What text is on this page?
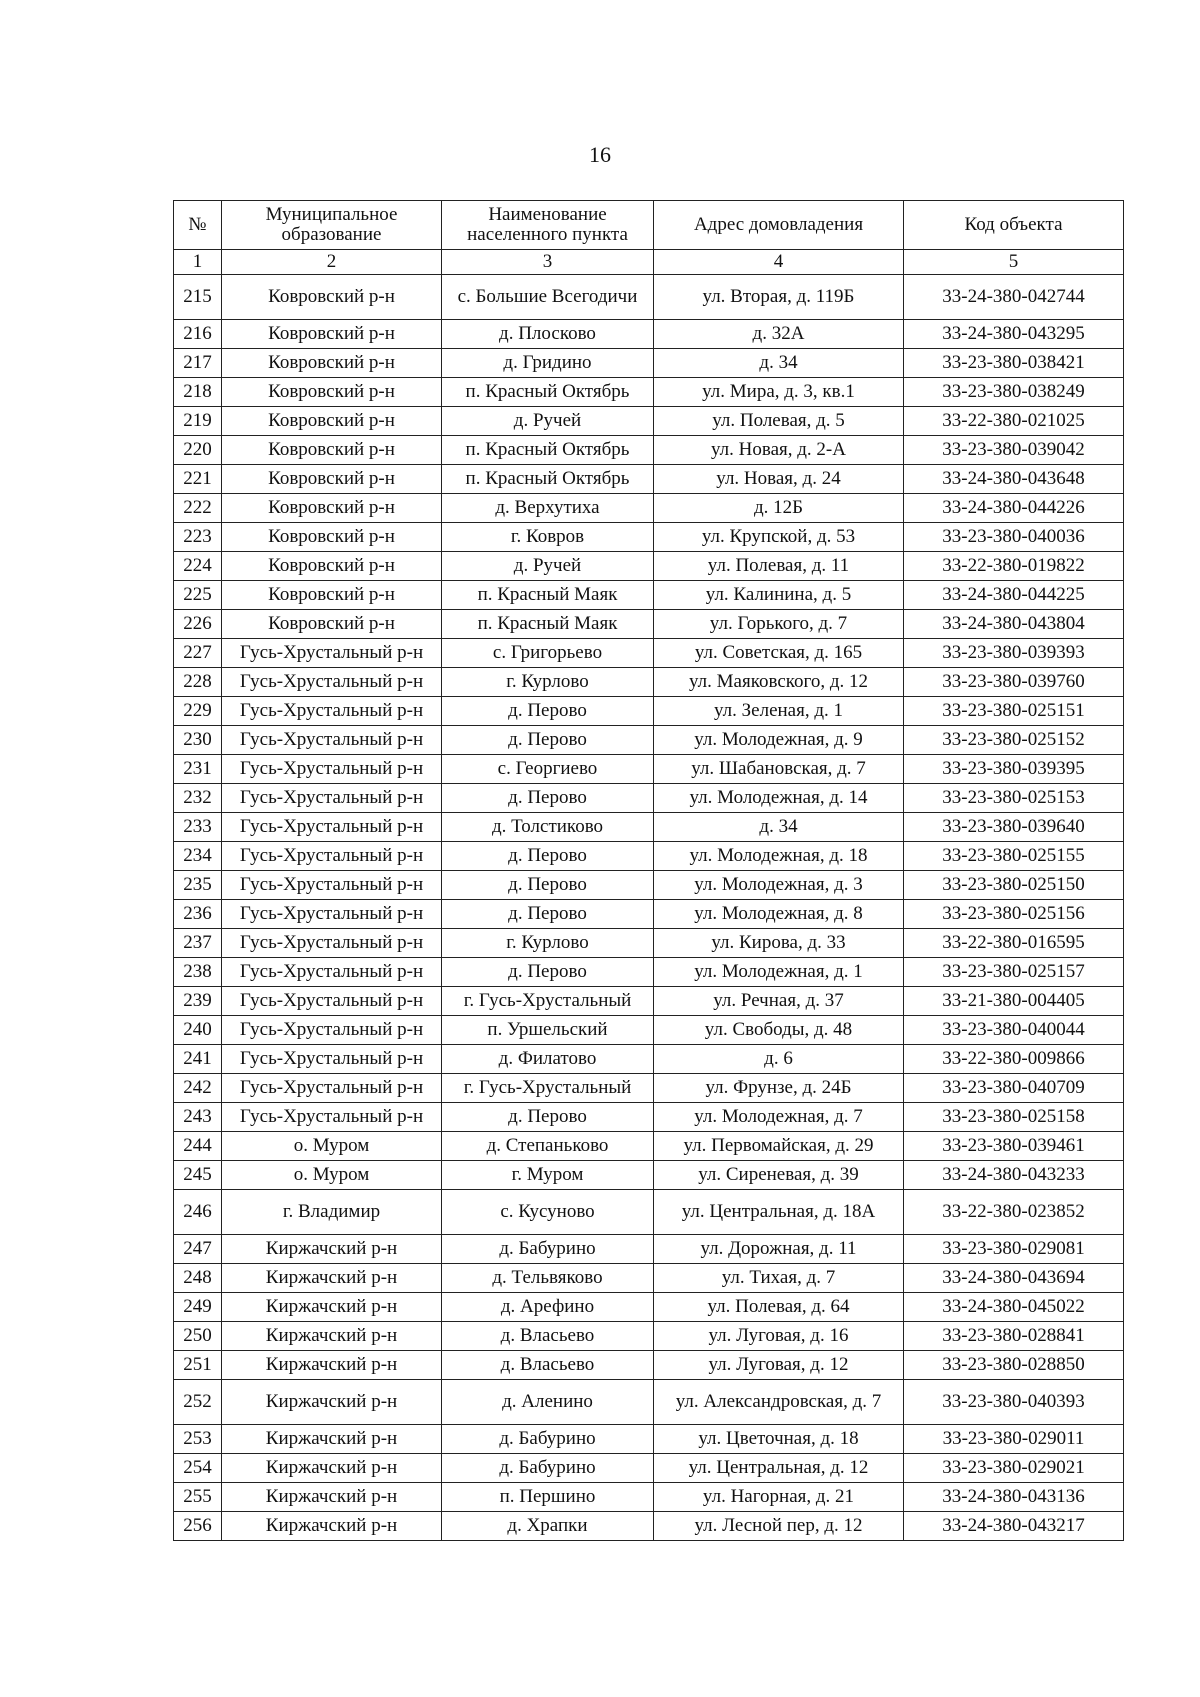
16
№	Муниципальное образование	Наименование населенного пункта	Адрес домовладения	Код объекта
1	2	3	4	5
215	Ковровский р-н	с. Большие Всегодичи	ул. Вторая, д. 119Б	33-24-380-042744
216	Ковровский р-н	д. Плосково	д. 32А	33-24-380-043295
217	Ковровский р-н	д. Гридино	д. 34	33-23-380-038421
218	Ковровский р-н	п. Красный Октябрь	ул. Мира, д. 3, кв.1	33-23-380-038249
219	Ковровский р-н	д. Ручей	ул. Полевая, д. 5	33-22-380-021025
220	Ковровский р-н	п. Красный Октябрь	ул. Новая, д. 2-А	33-23-380-039042
221	Ковровский р-н	п. Красный Октябрь	ул. Новая, д. 24	33-24-380-043648
222	Ковровский р-н	д. Верхутиха	д. 12Б	33-24-380-044226
223	Ковровский р-н	г. Ковров	ул. Крупской, д. 53	33-23-380-040036
224	Ковровский р-н	д. Ручей	ул. Полевая, д. 11	33-22-380-019822
225	Ковровский р-н	п. Красный Маяк	ул. Калинина, д. 5	33-24-380-044225
226	Ковровский р-н	п. Красный Маяк	ул. Горького, д. 7	33-24-380-043804
227	Гусь-Хрустальный р-н	с. Григорьево	ул. Советская, д. 165	33-23-380-039393
228	Гусь-Хрустальный р-н	г. Курлово	ул. Маяковского, д. 12	33-23-380-039760
229	Гусь-Хрустальный р-н	д. Перово	ул. Зеленая, д. 1	33-23-380-025151
230	Гусь-Хрустальный р-н	д. Перово	ул. Молодежная, д. 9	33-23-380-025152
231	Гусь-Хрустальный р-н	с. Георгиево	ул. Шабановская, д. 7	33-23-380-039395
232	Гусь-Хрустальный р-н	д. Перово	ул. Молодежная, д. 14	33-23-380-025153
233	Гусь-Хрустальный р-н	д. Толстиково	д. 34	33-23-380-039640
234	Гусь-Хрустальный р-н	д. Перово	ул. Молодежная, д. 18	33-23-380-025155
235	Гусь-Хрустальный р-н	д. Перово	ул. Молодежная, д. 3	33-23-380-025150
236	Гусь-Хрустальный р-н	д. Перово	ул. Молодежная, д. 8	33-23-380-025156
237	Гусь-Хрустальный р-н	г. Курлово	ул. Кирова, д. 33	33-22-380-016595
238	Гусь-Хрустальный р-н	д. Перово	ул. Молодежная, д. 1	33-23-380-025157
239	Гусь-Хрустальный р-н	г. Гусь-Хрустальный	ул. Речная, д. 37	33-21-380-004405
240	Гусь-Хрустальный р-н	п. Уршельский	ул. Свободы, д. 48	33-23-380-040044
241	Гусь-Хрустальный р-н	д. Филатово	д. 6	33-22-380-009866
242	Гусь-Хрустальный р-н	г. Гусь-Хрустальный	ул. Фрунзе, д. 24Б	33-23-380-040709
243	Гусь-Хрустальный р-н	д. Перово	ул. Молодежная, д. 7	33-23-380-025158
244	о. Муром	д. Степаньково	ул. Первомайская, д. 29	33-23-380-039461
245	о. Муром	г. Муром	ул. Сиреневая, д. 39	33-24-380-043233
246	г. Владимир	с. Кусуново	ул. Центральная, д. 18А	33-22-380-023852
247	Киржачский р-н	д. Бабурино	ул. Дорожная, д. 11	33-23-380-029081
248	Киржачский р-н	д. Тельвяково	ул. Тихая, д. 7	33-24-380-043694
249	Киржачский р-н	д. Арефино	ул. Полевая, д. 64	33-24-380-045022
250	Киржачский р-н	д. Власьево	ул. Луговая, д. 16	33-23-380-028841
251	Киржачский р-н	д. Власьево	ул. Луговая, д. 12	33-23-380-028850
252	Киржачский р-н	д. Аленино	ул. Александровская, д. 7	33-23-380-040393
253	Киржачский р-н	д. Бабурино	ул. Цветочная, д. 18	33-23-380-029011
254	Киржачский р-н	д. Бабурино	ул. Центральная, д. 12	33-23-380-029021
255	Киржачский р-н	п. Першино	ул. Нагорная, д. 21	33-24-380-043136
256	Киржачский р-н	д. Храпки	ул. Лесной пер, д. 12	33-24-380-043217
